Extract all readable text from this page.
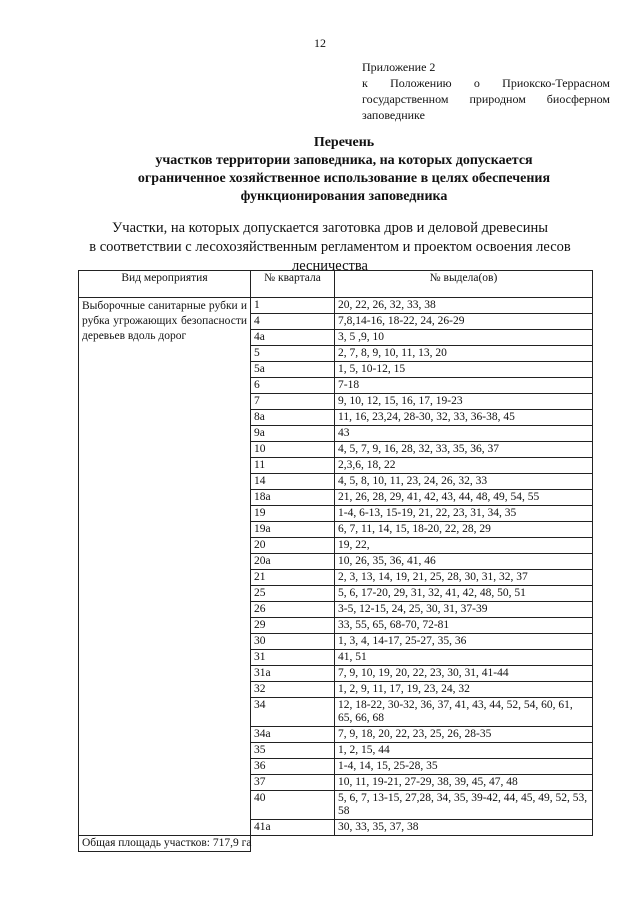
12
Приложение 2
к Положению о Приокско-Террасном
государственном природном биосферном
заповеднике
Перечень
участков территории заповедника, на которых допускается
ограниченное хозяйственное использование в целях обеспечения
функционирования заповедника
Участки, на которых допускается заготовка дров и деловой древесины
в соответствии с лесохозяйственным регламентом и проектом освоения лесов
лесничества
Вид мероприятия	№ квартала	№ выдела(ов)
Выборочные санитарные рубки и рубка угрожающих безопасности деревьев вдоль дорог	1	20, 22, 26, 32, 33, 38
	4	7,8,14-16, 18-22, 24, 26-29
	4а	3, 5 ,9, 10
	5	2, 7, 8, 9, 10, 11, 13, 20
	5а	1, 5, 10-12, 15
	6	7-18
	7	9, 10, 12, 15, 16, 17, 19-23
	8а	11, 16, 23,24, 28-30, 32, 33, 36-38, 45
	9а	43
	10	4, 5, 7, 9, 16, 28, 32, 33, 35, 36, 37
	11	2,3,6, 18, 22
	14	4, 5, 8, 10, 11, 23, 24, 26, 32, 33
	18а	21, 26, 28, 29, 41, 42, 43, 44, 48, 49, 54, 55
	19	1-4, 6-13, 15-19, 21, 22, 23, 31, 34, 35
	19а	6, 7, 11, 14, 15, 18-20, 22, 28, 29
	20	19, 22,
	20а	10, 26, 35, 36, 41, 46
	21	2, 3, 13, 14, 19, 21, 25, 28, 30, 31, 32, 37
	25	5, 6, 17-20, 29, 31, 32, 41, 42, 48, 50, 51
	26	3-5, 12-15, 24, 25, 30, 31, 37-39
	29	33, 55, 65, 68-70, 72-81
	30	1, 3, 4, 14-17, 25-27, 35, 36
	31	41, 51
	31а	7, 9, 10, 19, 20, 22, 23, 30, 31, 41-44
	32	1, 2, 9, 11, 17, 19, 23, 24, 32
	34	12, 18-22, 30-32, 36, 37, 41, 43, 44, 52, 54, 60, 61, 65, 66, 68
	34а	7, 9, 18, 20, 22, 23, 25, 26, 28-35
	35	1, 2, 15, 44
	36	1-4, 14, 15, 25-28, 35
	37	10, 11, 19-21, 27-29, 38, 39, 45, 47, 48
	40	5, 6, 7, 13-15, 27,28, 34, 35, 39-42, 44, 45, 49, 52, 53, 58
	41а	30, 33, 35, 37, 38
Общая площадь участков: 717,9 га		
